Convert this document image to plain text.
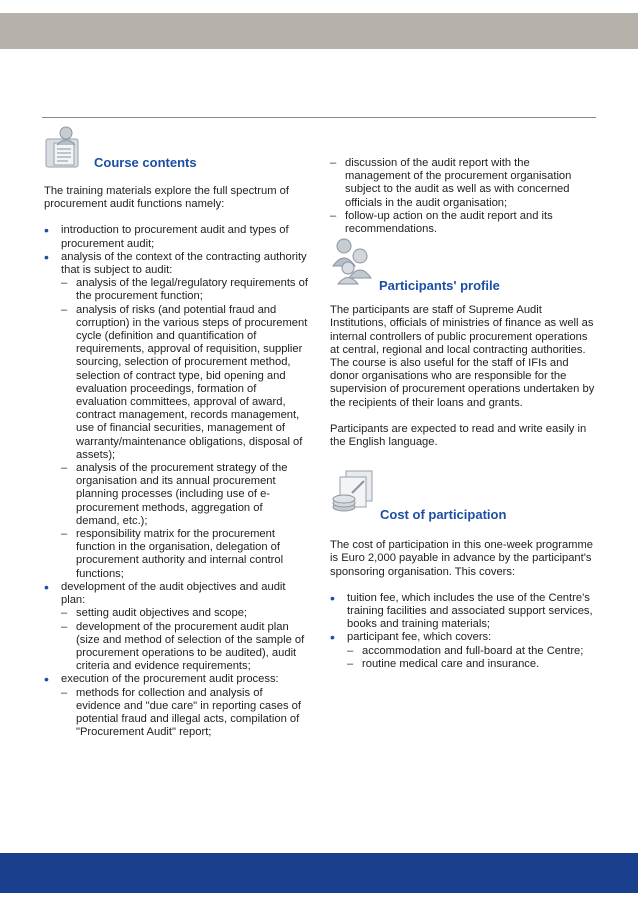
Course contents

The training materials explore the full spectrum of procurement audit functions namely:

• introduction to procurement audit and types of procurement audit;
• analysis of the context of the contracting authority that is subject to audit:
– analysis of the legal/regulatory requirements of the procurement function;
– analysis of risks (and potential fraud and corruption) in the various steps of procurement cycle (definition and quantification of requirements, approval of requisition, supplier sourcing, selection of procurement method, selection of contract type, bid opening and evaluation proceedings, formation of evaluation committees, approval of award, contract management, records management, use of financial securities, management of warranty/maintenance obligations, disposal of assets);
– analysis of the procurement strategy of the organisation and its annual procurement planning processes (including use of e-procurement methods, aggregation of demand, etc.);
– responsibility matrix for the procurement function in the organisation, delegation of procurement authority and internal control functions;
• development of the audit objectives and audit plan:
– setting audit objectives and scope;
– development of the procurement audit plan (size and method of selection of the sample of procurement operations to be audited), audit criteria and evidence requirements;
• execution of the procurement audit process:
– methods for collection and analysis of evidence and "due care" in reporting cases of potential fraud and illegal acts, compilation of "Procurement Audit" report;
– discussion of the audit report with the management of the procurement organisation subject to the audit as well as with concerned officials in the audit organisation;
– follow-up action on the audit report and its recommendations.
Participants' profile

The participants are staff of Supreme Audit Institutions, officials of ministries of finance as well as internal controllers of public procurement operations at central, regional and local contracting authorities. The course is also useful for the staff of IFIs and donor organisations who are responsible for the supervision of procurement operations undertaken by the recipients of their loans and grants.

Participants are expected to read and write easily in the English language.

Cost of participation

The cost of participation in this one-week programme is Euro 2,000 payable in advance by the participant's sponsoring organisation. This covers:

• tuition fee, which includes the use of the Centre's training facilities and associated support services, books and training materials;
• participant fee, which covers:
– accommodation and full-board at the Centre;
– routine medical care and insurance.
